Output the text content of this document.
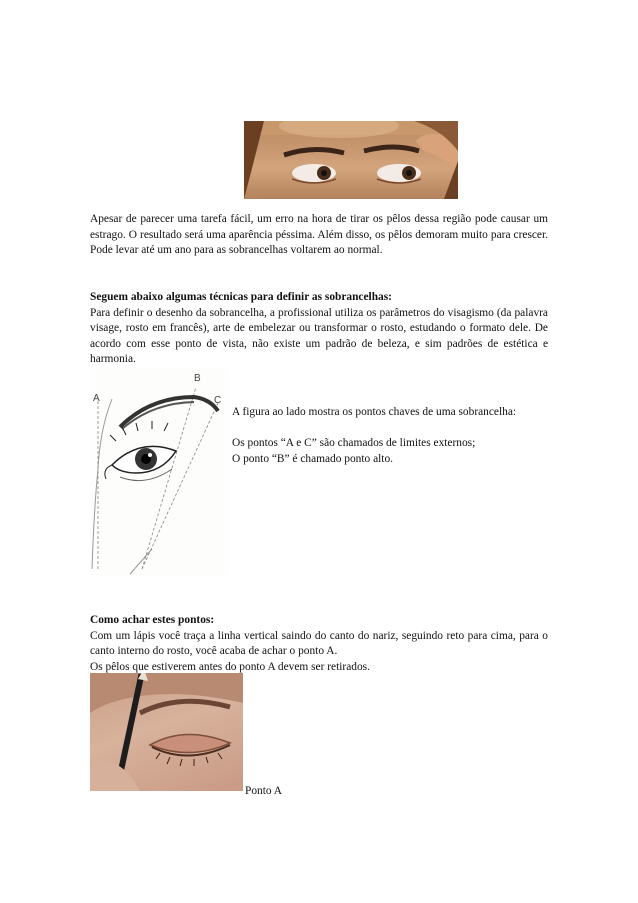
Apesar de parecer uma tarefa fácil, um erro na hora de tirar os pêlos dessa região pode causar um estrago. O resultado será uma aparência péssima. Além disso, os pêlos demoram muito para crescer. Pode levar até um ano para as sobrancelhas voltarem ao normal.

Seguem abaixo algumas técnicas para definir as sobrancelhas:

Para definir o desenho da sobrancelha, a profissional utiliza os parâmetros do visagismo (da palavra visage, rosto em francês), arte de embelezar ou transformar o rosto, estudando o formato dele. De acordo com esse ponto de vista, não existe um padrão de beleza, e sim padrões de estética e harmonia.

B
A	C

A figura ao lado mostra os pontos chaves de uma sobrancelha:

Os pontos “A e C” são chamados de limites externos;

O ponto “B” é chamado ponto alto.

Como achar estes pontos:

Com um lápis você traça a linha vertical saindo do canto do nariz, seguindo reto para cima, para o canto interno do rosto, você acaba de achar o ponto A.

Os pêlos que estiverem antes do ponto A devem ser retirados.

Ponto A
